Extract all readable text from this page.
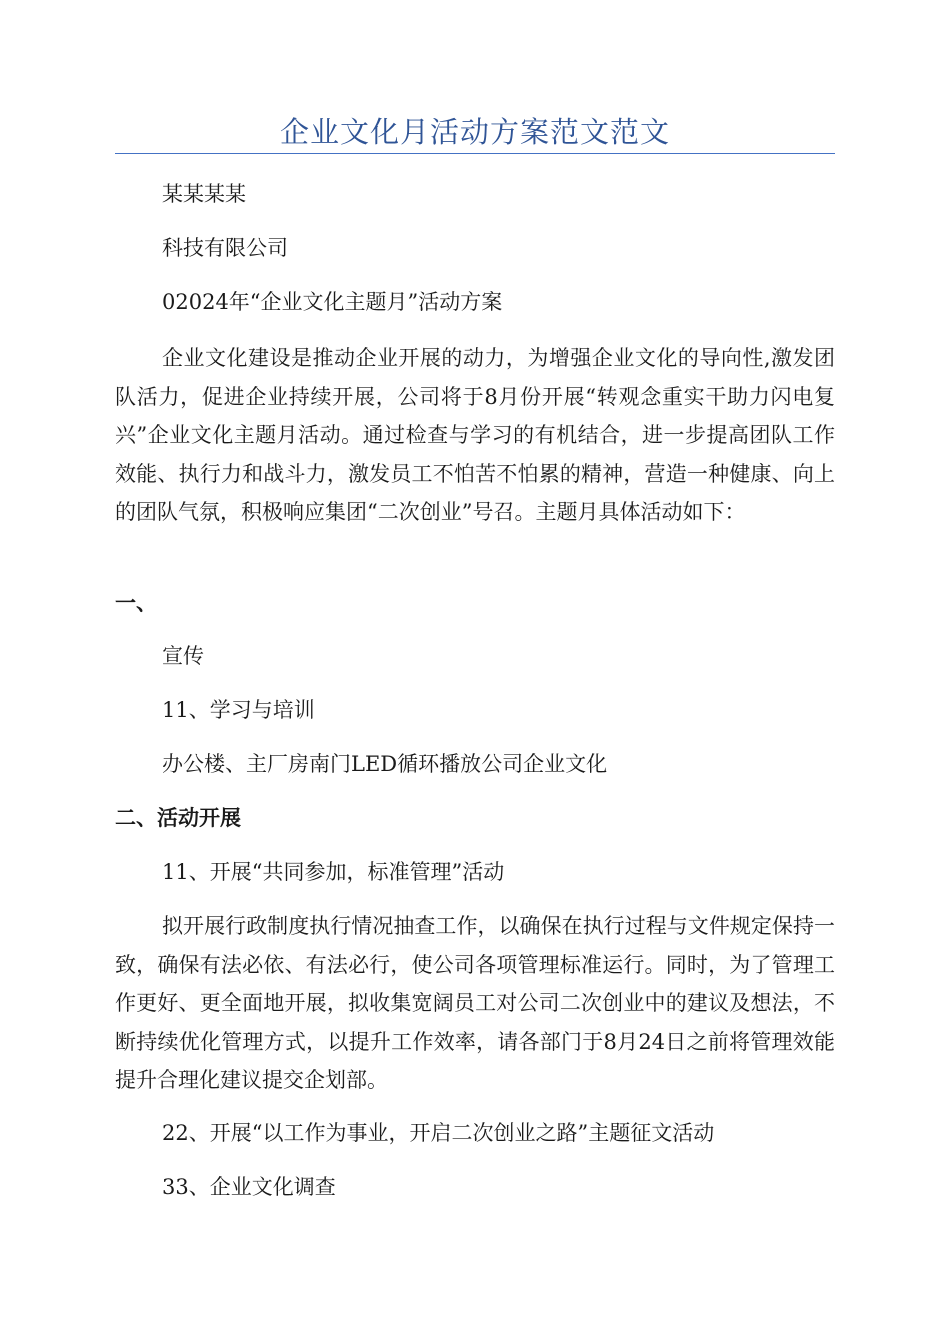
企业文化月活动方案范文范文
某某某某
科技有限公司
02024年“企业文化主题月”活动方案
企业文化建设是推动企业开展的动力，为增强企业文化的导向性,激发团队活力，促进企业持续开展，公司将于8月份开展“转观念重实干助力闪电复兴”企业文化主题月活动。通过检查与学习的有机结合，进一步提高团队工作效能、执行力和战斗力，激发员工不怕苦不怕累的精神，营造一种健康、向上的团队气氛，积极响应集团“二次创业”号召。主题月具体活动如下：
一、
宣传
11、学习与培训
办公楼、主厂房南门LED循环播放公司企业文化
二、活动开展
11、开展“共同参加，标准管理”活动
拟开展行政制度执行情况抽查工作，以确保在执行过程与文件规定保持一致，确保有法必依、有法必行，使公司各项管理标准运行。同时，为了管理工作更好、更全面地开展，拟收集宽阔员工对公司二次创业中的建议及想法，不断持续优化管理方式，以提升工作效率，请各部门于8月24日之前将管理效能提升合理化建议提交企划部。
22、开展“以工作为事业，开启二次创业之路”主题征文活动
33、企业文化调查
